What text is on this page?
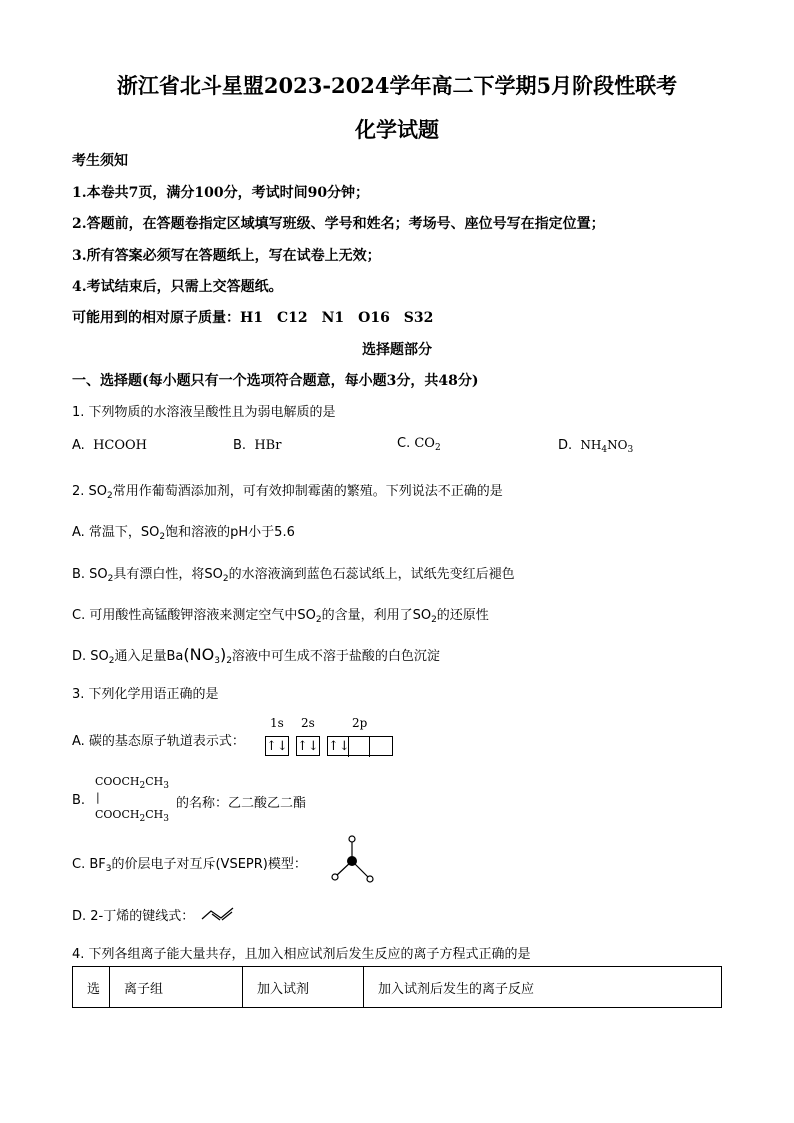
浙江省北斗星盟2023-2024学年高二下学期5月阶段性联考
化学试题
考生须知
1.本卷共7页，满分100分，考试时间90分钟；
2.答题前，在答题卷指定区域填写班级、学号和姓名；考场号、座位号写在指定位置；
3.所有答案必须写在答题纸上，写在试卷上无效；
4.考试结束后，只需上交答题纸。
可能用到的相对原子质量：H1　C12　N1　O16　S32
选择题部分
一、选择题(每小题只有一个选项符合题意，每小题3分，共48分)
1. 下列物质的水溶液呈酸性且为弱电解质的是
A. HCOOH	B. HBr	C. $CO_2$	D. $NH_4NO_3$
2. $SO_2$常用作葡萄酒添加剂，可有效抑制霉菌的繁殖。下列说法不正确的是
A. 常温下，$SO_2$饱和溶液的pH小于5.6
B. $SO_2$具有漂白性，将$SO_2$的水溶液滴到蓝色石蕊试纸上，试纸先变红后褪色
C. 可用酸性高锰酸钾溶液来测定空气中$SO_2$的含量，利用了$SO_2$的还原性
D. $SO_2$通入足量$Ba(NO_3)_2$溶液中可生成不溶于盐酸的白色沉淀
3. 下列化学用语正确的是
A. 碳的基态原子轨道表示式：
1s 2s	2p
↑↓ ↑↓ ↑↓
B.
$COOCH_2CH_3$
|
$COOCH_2CH_3$
的名称：乙二酸乙二酯
C. $BF_3$的价层电子对互斥(VSEPR)模型：
D. 2-丁烯的键线式：
4. 下列各组离子能大量共存，且加入相应试剂后发生反应的离子方程式正确的是
选	离子组	加入试剂	加入试剂后发生的离子反应
